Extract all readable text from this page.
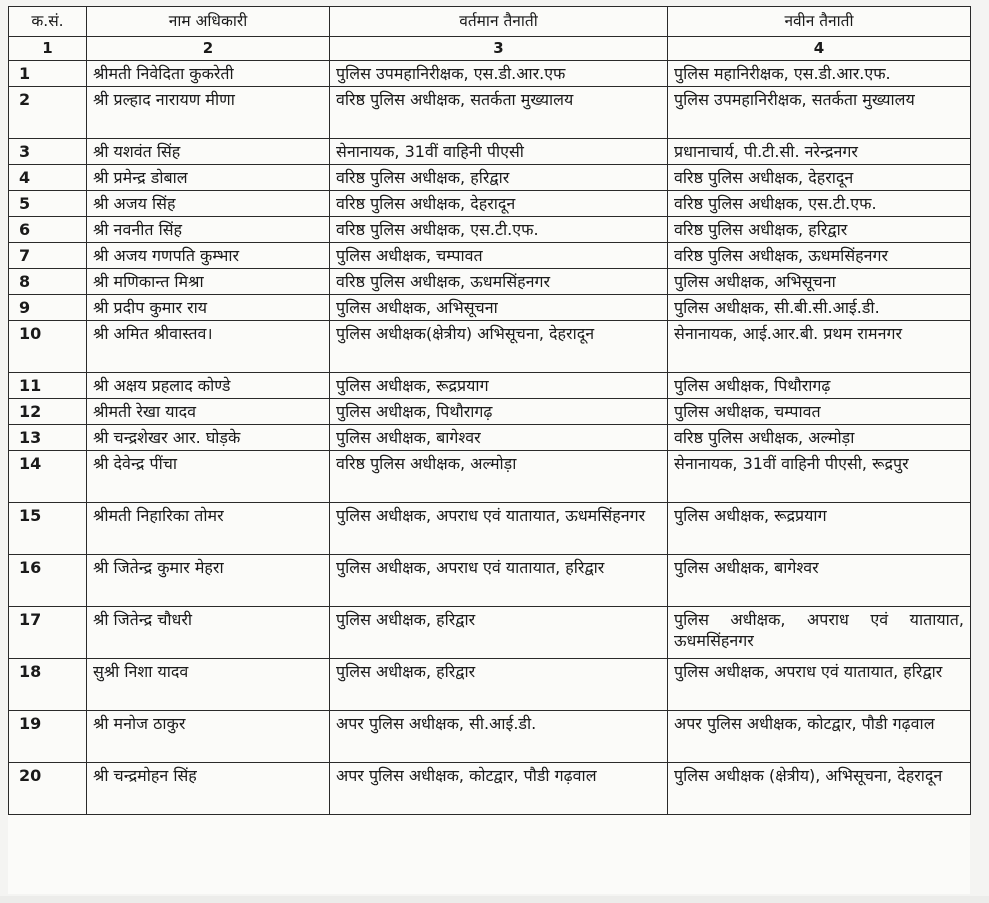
क.सं.	नाम अधिकारी	वर्तमान तैनाती	नवीन तैनाती
1	2	3	4
1	श्रीमती निवेदिता कुकरेती	पुलिस उपमहानिरीक्षक, एस.डी.आर.एफ	पुलिस महानिरीक्षक, एस.डी.आर.एफ.
2	श्री प्रल्हाद नारायण मीणा	वरिष्ठ पुलिस अधीक्षक, सतर्कता मुख्यालय	पुलिस उपमहानिरीक्षक, सतर्कता मुख्यालय
3	श्री यशवंत सिंह	सेनानायक, 31वीं वाहिनी पीएसी	प्रधानाचार्य, पी.टी.सी. नरेन्द्रनगर
4	श्री प्रमेन्द्र डोबाल	वरिष्ठ पुलिस अधीक्षक, हरिद्वार	वरिष्ठ पुलिस अधीक्षक, देहरादून
5	श्री अजय सिंह	वरिष्ठ पुलिस अधीक्षक, देहरादून	वरिष्ठ पुलिस अधीक्षक, एस.टी.एफ.
6	श्री नवनीत सिंह	वरिष्ठ पुलिस अधीक्षक, एस.टी.एफ.	वरिष्ठ पुलिस अधीक्षक, हरिद्वार
7	श्री अजय गणपति कुम्भार	पुलिस अधीक्षक, चम्पावत	वरिष्ठ पुलिस अधीक्षक, ऊधमसिंहनगर
8	श्री मणिकान्त मिश्रा	वरिष्ठ पुलिस अधीक्षक, ऊधमसिंहनगर	पुलिस अधीक्षक, अभिसूचना
9	श्री प्रदीप कुमार राय	पुलिस अधीक्षक, अभिसूचना	पुलिस अधीक्षक, सी.बी.सी.आई.डी.
10	श्री अमित श्रीवास्तव।	पुलिस अधीक्षक(क्षेत्रीय) अभिसूचना, देहरादून	सेनानायक, आई.आर.बी. प्रथम रामनगर
11	श्री अक्षय प्रहलाद कोण्डे	पुलिस अधीक्षक, रूद्रप्रयाग	पुलिस अधीक्षक, पिथौरागढ़
12	श्रीमती रेखा यादव	पुलिस अधीक्षक, पिथौरागढ़	पुलिस अधीक्षक, चम्पावत
13	श्री चन्द्रशेखर आर. घोड़के	पुलिस अधीक्षक, बागेश्वर	वरिष्ठ पुलिस अधीक्षक, अल्मोड़ा
14	श्री देवेन्द्र पींचा	वरिष्ठ पुलिस अधीक्षक, अल्मोड़ा	सेनानायक, 31वीं वाहिनी पीएसी, रूद्रपुर
15	श्रीमती निहारिका तोमर	पुलिस अधीक्षक, अपराध एवं यातायात, ऊधमसिंहनगर	पुलिस अधीक्षक, रूद्रप्रयाग
16	श्री जितेन्द्र कुमार मेहरा	पुलिस अधीक्षक, अपराध एवं यातायात, हरिद्वार	पुलिस अधीक्षक, बागेश्वर
17	श्री जितेन्द्र चौधरी	पुलिस अधीक्षक, हरिद्वार	पुलिस अधीक्षक, अपराध एवं यातायात, ऊधमसिंहनगर
18	सुश्री निशा यादव	पुलिस अधीक्षक, हरिद्वार	पुलिस अधीक्षक, अपराध एवं यातायात, हरिद्वार
19	श्री मनोज ठाकुर	अपर पुलिस अधीक्षक, सी.आई.डी.	अपर पुलिस अधीक्षक, कोटद्वार, पौडी गढ़वाल
20	श्री चन्द्रमोहन सिंह	अपर पुलिस अधीक्षक, कोटद्वार, पौडी गढ़वाल	पुलिस अधीक्षक (क्षेत्रीय), अभिसूचना, देहरादून
